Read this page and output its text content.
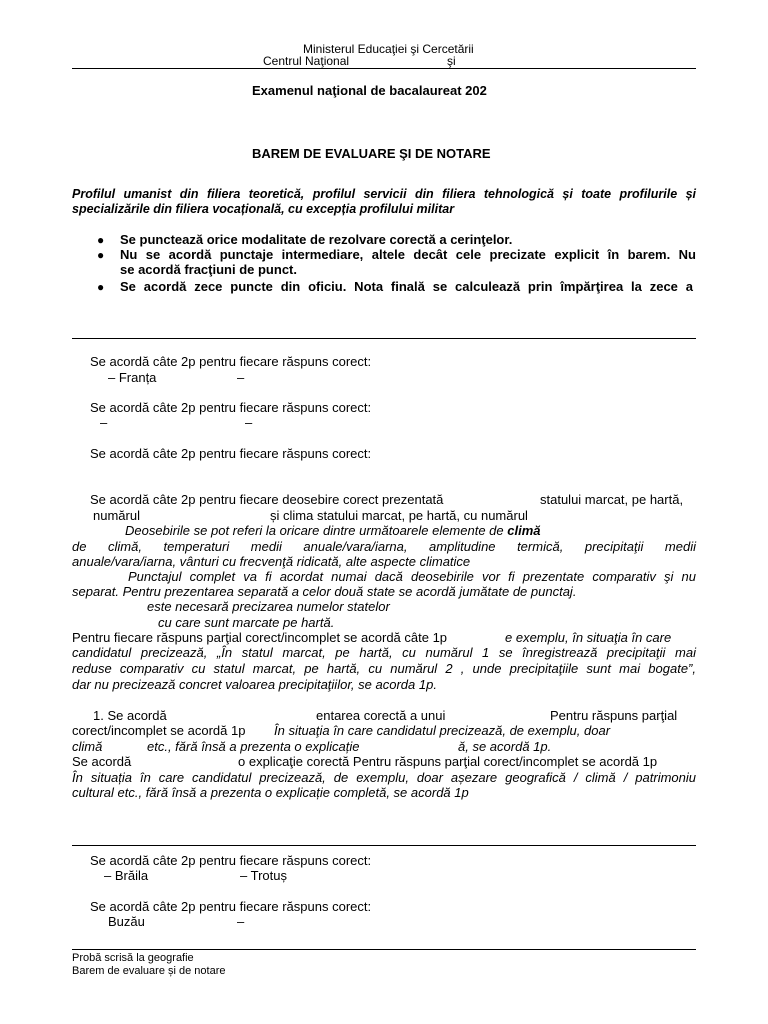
Ministerul Educaţiei şi Cercetării
Centrul Naţional	şi
Examenul naţional de bacalaureat 202
BAREM DE EVALUARE ŞI DE NOTARE
Profilul umanist din filiera teoretică, profilul servicii din filiera tehnologică și toate profilurile și
specializările din filiera vocațională, cu excepția profilului militar
● Se punctează orice modalitate de rezolvare corectă a cerinţelor.
● Nu se acordă punctaje intermediare, altele decât cele precizate explicit în barem. Nu
se acordă fracţiuni de punct.
● Se acordă zece puncte din oficiu. Nota finală se calculează prin împărţirea la zece a
Se acordă câte 2p pentru fiecare răspuns corect:
– Franța	–
Se acordă câte 2p pentru fiecare răspuns corect:
–	–
Se acordă câte 2p pentru fiecare răspuns corect:
Se acordă câte 2p pentru fiecare deosebire corect prezentată	statului marcat, pe hartă,
numărul	și clima statului marcat, pe hartă, cu numărul
Deosebirile se pot referi la oricare dintre următoarele elemente de climă
de climă, temperaturi medii anuale/vara/iarna, amplitudine termică, precipitaţii medii
anuale/vara/iarna, vânturi cu frecvenţă ridicată, alte aspecte climatice
Punctajul complet va fi acordat numai dacă deosebirile vor fi prezentate comparativ şi nu
separat. Pentru prezentarea separată a celor două state se acordă jumătate de punctaj.
este necesară precizarea numelor statelor
cu care sunt marcate pe hartă.
Pentru fiecare răspuns parţial corect/incomplet se acordă câte 1p	e exemplu, în situaţia în care
candidatul precizează, „În statul marcat, pe hartă, cu numărul 1 se înregistrează precipitaţii mai
reduse comparativ cu statul marcat, pe hartă, cu numărul 2 , unde precipitaţiile sunt mai bogate”,
dar nu precizează concret valoarea precipitaţiilor, se acorda 1p.
1. Se acordă	entarea corectă a unui	Pentru răspuns parţial
corect/incomplet se acordă 1p În situaţia în care candidatul precizează, de exemplu, doar
climă	etc., fără însă a prezenta o explicație	ă, se acordă 1p.
Se acordă	o explicaţie corectă Pentru răspuns parţial corect/incomplet se acordă 1p
În situația în care candidatul precizează, de exemplu, doar așezare geografică / climă / patrimoniu
cultural etc., fără însă a prezenta o explicație completă, se acordă 1p
Se acordă câte 2p pentru fiecare răspuns corect:
– Brăila	– Trotuș
Se acordă câte 2p pentru fiecare răspuns corect:
Buzău	–
Probă scrisă la geografie
Barem de evaluare și de notare
